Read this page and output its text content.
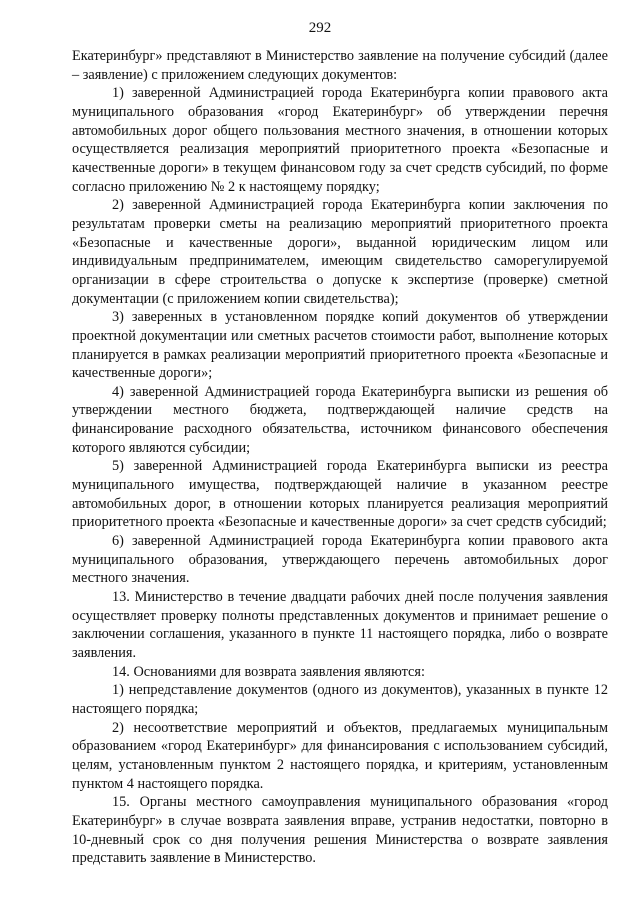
292

Екатеринбург» представляют в Министерство заявление на получение субсидий (далее – заявление) с приложением следующих документов:

1) заверенной Администрацией города Екатеринбурга копии правового акта муниципального образования «город Екатеринбург» об утверждении перечня автомобильных дорог общего пользования местного значения, в отношении которых осуществляется реализация мероприятий приоритетного проекта «Безопасные и качественные дороги» в текущем финансовом году за счет средств субсидий, по форме согласно приложению № 2 к настоящему порядку;

2) заверенной Администрацией города Екатеринбурга копии заключения по результатам проверки сметы на реализацию мероприятий приоритетного проекта «Безопасные и качественные дороги», выданной юридическим лицом или индивидуальным предпринимателем, имеющим свидетельство саморегулируемой организации в сфере строительства о допуске к экспертизе (проверке) сметной документации (с приложением копии свидетельства);

3) заверенных в установленном порядке копий документов об утверждении проектной документации или сметных расчетов стоимости работ, выполнение которых планируется в рамках реализации мероприятий приоритетного проекта «Безопасные и качественные дороги»;

4) заверенной Администрацией города Екатеринбурга выписки из решения об утверждении местного бюджета, подтверждающей наличие средств на финансирование расходного обязательства, источником финансового обеспечения которого являются субсидии;

5) заверенной Администрацией города Екатеринбурга выписки из реестра муниципального имущества, подтверждающей наличие в указанном реестре автомобильных дорог, в отношении которых планируется реализация мероприятий приоритетного проекта «Безопасные и качественные дороги» за счет средств субсидий;

6) заверенной Администрацией города Екатеринбурга копии правового акта муниципального образования, утверждающего перечень автомобильных дорог местного значения.

13. Министерство в течение двадцати рабочих дней после получения заявления осуществляет проверку полноты представленных документов и принимает решение о заключении соглашения, указанного в пункте 11 настоящего порядка, либо о возврате заявления.

14. Основаниями для возврата заявления являются:

1) непредставление документов (одного из документов), указанных в пункте 12 настоящего порядка;

2) несоответствие мероприятий и объектов, предлагаемых муниципальным образованием «город Екатеринбург» для финансирования с использованием субсидий, целям, установленным пунктом 2 настоящего порядка, и критериям, установленным пунктом 4 настоящего порядка.

15. Органы местного самоуправления муниципального образования «город Екатеринбург» в случае возврата заявления вправе, устранив недостатки, повторно в 10-дневный срок со дня получения решения Министерства о возврате заявления представить заявление в Министерство.
